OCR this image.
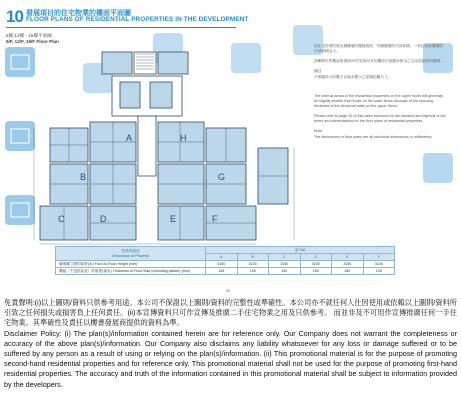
10 發展項目的住宅物業的樓面平面圖
FLOOR PLANS OF RESIDENTIAL PROPERTIES IN THE DEVELOPMENT
5樓,12樓 - 15樓平面圖
5/F, 12/F, 15/F Floor Plan
A
B
C	D	E	F
G
H

因住宅物業的較高層樓層的樓板較厚，有關樓層的內部面積，一般比較低樓層的內部面積為小。

請參閱本售樓說明書第20頁至第22頁的樓面平面圖所使用之名詞及縮寫的圖例。

備註

平面圖所示的數字以毫米標示之建築結構尺寸。

The internal areas of the residential properties on the upper floors will generally be slightly smaller than those on the lower floors because of the reducing thickness of the structural walls on the upper floors.

Please refer to page 20 of this sales brochure for the remarks and legends of the terms and abbreviations for the floor plans of residential properties.

Note:

The dimensions in floor plans are all structural dimensions in millimetres.

物業的描述
Description of Property	室 Flat					
	A	B	C	D	E	F
層與層之間的高度(米) Floor-to-Floor Height (mm)	3150	3150	3150	3150	3150	3150
樓板（不包括灰泥）的厚度(毫米) Thickness of Floor Slab (excluding plaster) (mm)	125	150	150	150	150	125
22
免責聲明:(i)以上圖則/資料只供參考用途。本公司不保證以上圖則/資料的完整性或準確性。本公司亦不就任何人仕因使用或依賴以上圖則/資料所引致之任何損失或損害負上任何責任。(ii)本宣傳資料只可作宣傳及推廣二手住宅物業之用及只供參考。 而並非及不可用作宣傳推廣任何一手住宅物業。其準確性及責任以樓書發展商提供的資料為準。
Disclaimer Policy: (i) The plan(s)/information contained herein are for reference only. Our Company does not warrant the completeness or accuracy of the above plan(s)/information. Our Company also disclaims any liability whatsoever for any loss or damage suffered or to be suffered by any person as a result of using or relying on the plan(s)/information. (ii) This promotional material is for the purpose of promoting second-hand residential properties and for reference only. This promotional material shall not be used for the purpose of promoting first-hand residential properties. The accuracy and truth of the information contained in this promotional material shall be subject to information provided by the developers.
